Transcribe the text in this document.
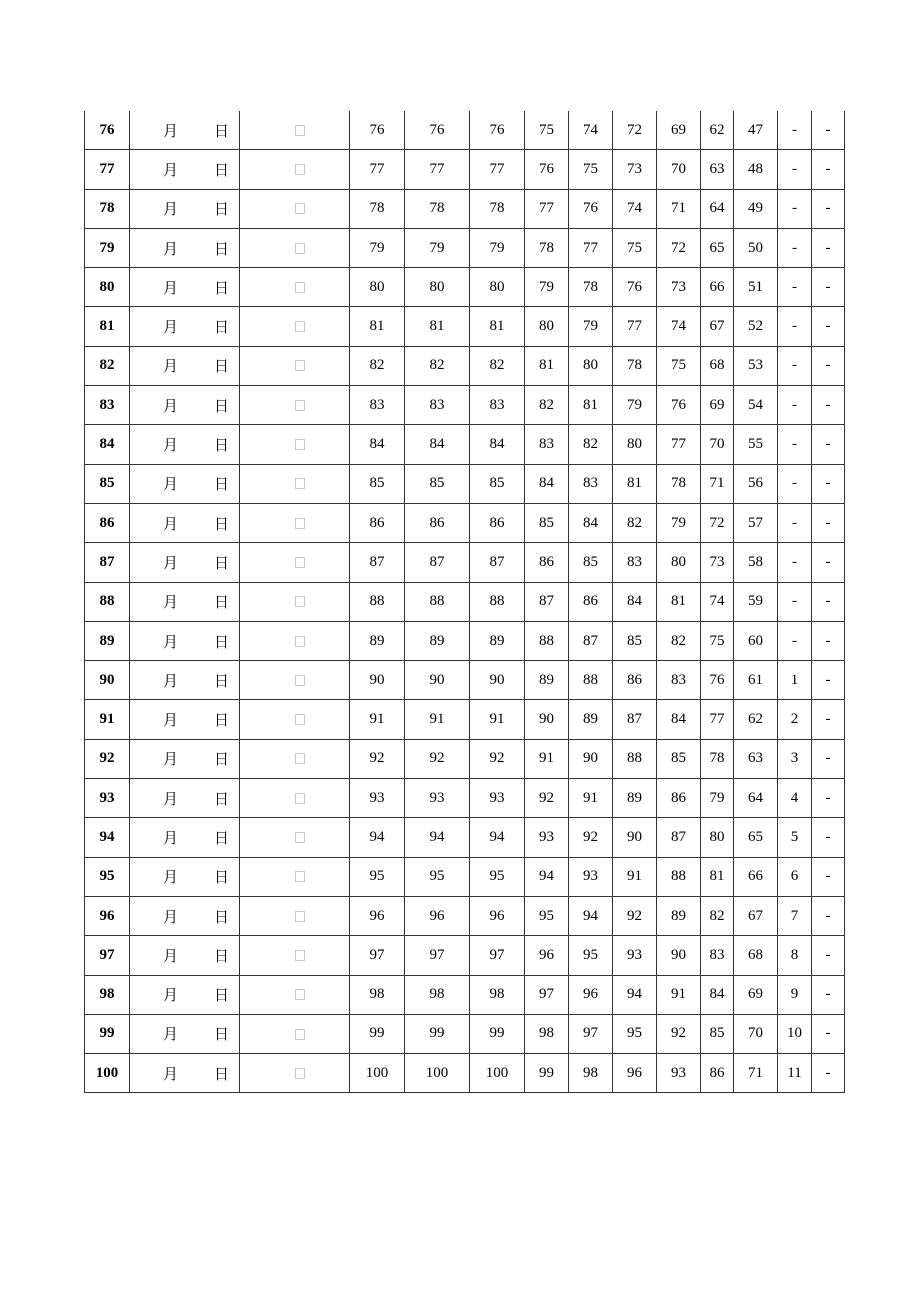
76	月 日		76	76	76	75	74	72	69	62	47	-	-
77	月 日		77	77	77	76	75	73	70	63	48	-	-
78	月 日		78	78	78	77	76	74	71	64	49	-	-
79	月 日		79	79	79	78	77	75	72	65	50	-	-
80	月 日		80	80	80	79	78	76	73	66	51	-	-
81	月 日		81	81	81	80	79	77	74	67	52	-	-
82	月 日		82	82	82	81	80	78	75	68	53	-	-
83	月 日		83	83	83	82	81	79	76	69	54	-	-
84	月 日		84	84	84	83	82	80	77	70	55	-	-
85	月 日		85	85	85	84	83	81	78	71	56	-	-
86	月 日		86	86	86	85	84	82	79	72	57	-	-
87	月 日		87	87	87	86	85	83	80	73	58	-	-
88	月 日		88	88	88	87	86	84	81	74	59	-	-
89	月 日		89	89	89	88	87	85	82	75	60	-	-
90	月 日		90	90	90	89	88	86	83	76	61	1	-
91	月 日		91	91	91	90	89	87	84	77	62	2	-
92	月 日		92	92	92	91	90	88	85	78	63	3	-
93	月 日		93	93	93	92	91	89	86	79	64	4	-
94	月 日		94	94	94	93	92	90	87	80	65	5	-
95	月 日		95	95	95	94	93	91	88	81	66	6	-
96	月 日		96	96	96	95	94	92	89	82	67	7	-
97	月 日		97	97	97	96	95	93	90	83	68	8	-
98	月 日		98	98	98	97	96	94	91	84	69	9	-
99	月 日		99	99	99	98	97	95	92	85	70	10	-
100	月 日		100	100	100	99	98	96	93	86	71	11	-
